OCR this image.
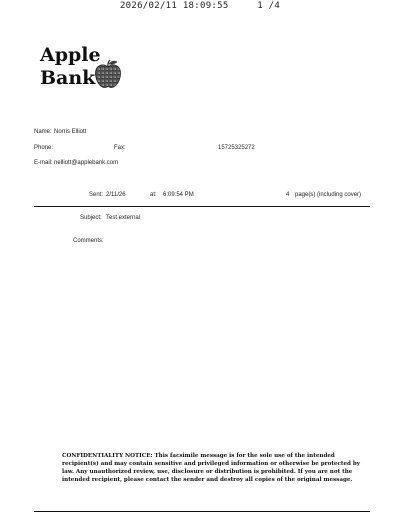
2026/02/11 18:09:55	1 /4
Apple
Bank
Name: Norris Elliott
Phone:	Fax:	15725325272
E-mail: nelliott@applebank.com
Sent: 2/11/26	at: 6:09:54 PM	4 page(s) (including cover)
Subject: Test external
Comments:
CONFIDENTIALITY NOTICE: This facsimile message is for the sole use of the intended recipient(s) and may contain sensitive and privileged information or otherwise be protected by law. Any unauthorized review, use, disclosure or distribution is prohibited. If you are not the intended recipient, please contact the sender and destroy all copies of the original message.
